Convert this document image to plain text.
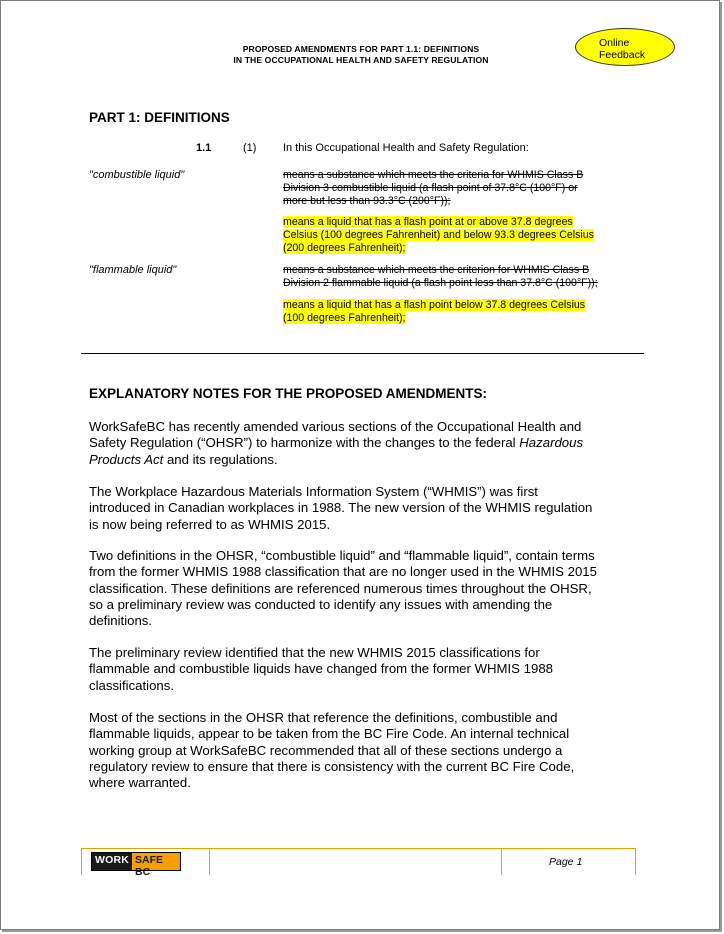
PROPOSED AMENDMENTS FOR PART 1.1: DEFINITIONS
IN THE OCCUPATIONAL HEALTH AND SAFETY REGULATION
Online
Feedback
PART 1: DEFINITIONS
1.1	(1) In this Occupational Health and Safety Regulation:
"combustible liquid"	means a substance which meets the criteria for WHMIS Class B
Division 3 combustible liquid (a flash point of 37.8°C (100°F) or
more but less than 93.3°C (200°F));
means a liquid that has a flash point at or above 37.8 degrees
Celsius (100 degrees Fahrenheit) and below 93.3 degrees Celsius
(200 degrees Fahrenheit);
"flammable liquid"	means a substance which meets the criterion for WHMIS Class B
Division 2 flammable liquid (a flash point less than 37.8°C (100°F));
means a liquid that has a flash point below 37.8 degrees Celsius
(100 degrees Fahrenheit);
EXPLANATORY NOTES FOR THE PROPOSED AMENDMENTS:
WorkSafeBC has recently amended various sections of the Occupational Health and
Safety Regulation (“OHSR”) to harmonize with the changes to the federal Hazardous
Products Act and its regulations.
The Workplace Hazardous Materials Information System (“WHMIS”) was first
introduced in Canadian workplaces in 1988. The new version of the WHMIS regulation
is now being referred to as WHMIS 2015.
Two definitions in the OHSR, “combustible liquid” and “flammable liquid”, contain terms
from the former WHMIS 1988 classification that are no longer used in the WHMIS 2015
classification. These definitions are referenced numerous times throughout the OHSR,
so a preliminary review was conducted to identify any issues with amending the
definitions.
The preliminary review identified that the new WHMIS 2015 classifications for
flammable and combustible liquids have changed from the former WHMIS 1988
classifications.
Most of the sections in the OHSR that reference the definitions, combustible and
flammable liquids, appear to be taken from the BC Fire Code. An internal technical
working group at WorkSafeBC recommended that all of these sections undergo a
regulatory review to ensure that there is consistency with the current BC Fire Code,
where warranted.
WORK SAFE BC
Page 1
